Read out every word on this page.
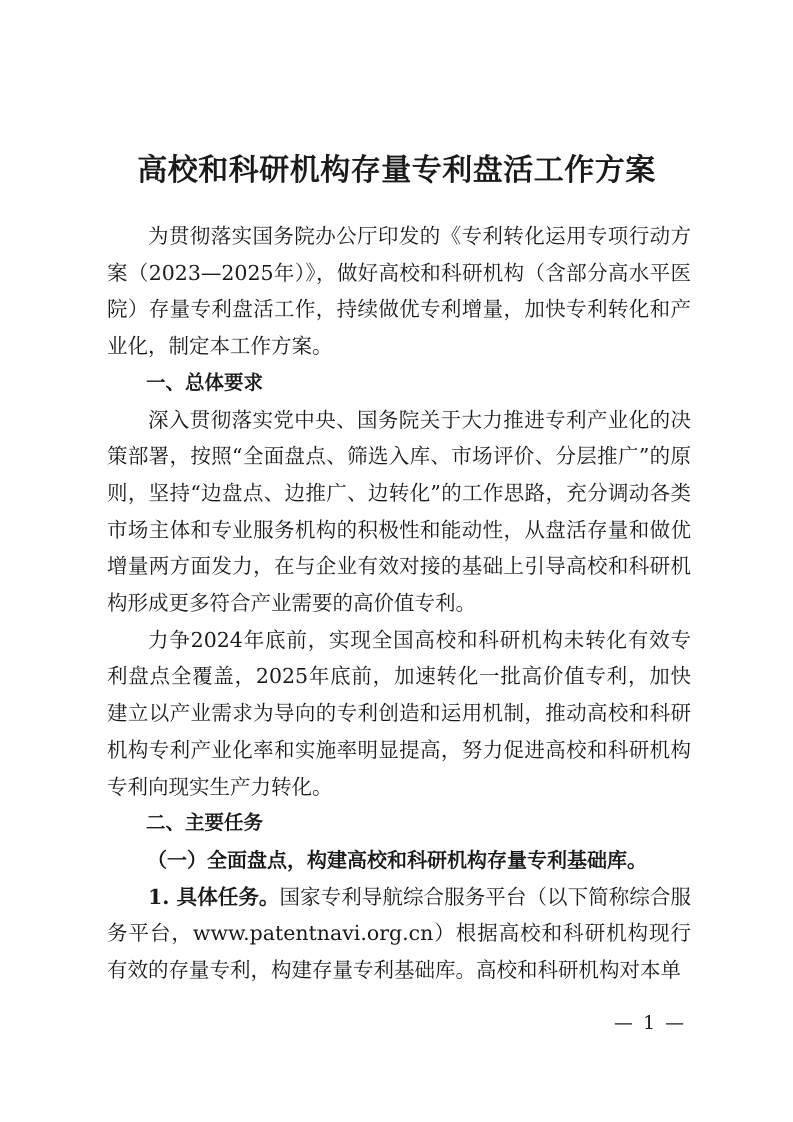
高校和科研机构存量专利盘活工作方案

为贯彻落实国务院办公厅印发的《专利转化运用专项行动方案（2023—2025年）》，做好高校和科研机构（含部分高水平医院）存量专利盘活工作，持续做优专利增量，加快专利转化和产业化，制定本工作方案。

一、总体要求

深入贯彻落实党中央、国务院关于大力推进专利产业化的决策部署，按照“全面盘点、筛选入库、市场评价、分层推广”的原则，坚持“边盘点、边推广、边转化”的工作思路，充分调动各类市场主体和专业服务机构的积极性和能动性，从盘活存量和做优增量两方面发力，在与企业有效对接的基础上引导高校和科研机构形成更多符合产业需要的高价值专利。

力争2024年底前，实现全国高校和科研机构未转化有效专利盘点全覆盖，2025年底前，加速转化一批高价值专利，加快建立以产业需求为导向的专利创造和运用机制，推动高校和科研机构专利产业化率和实施率明显提高，努力促进高校和科研机构专利向现实生产力转化。

二、主要任务

（一）全面盘点，构建高校和科研机构存量专利基础库。

1. 具体任务。国家专利导航综合服务平台（以下简称综合服务平台，www.patentnavi.org.cn）根据高校和科研机构现行有效的存量专利，构建存量专利基础库。高校和科研机构对本单

— 1 —
